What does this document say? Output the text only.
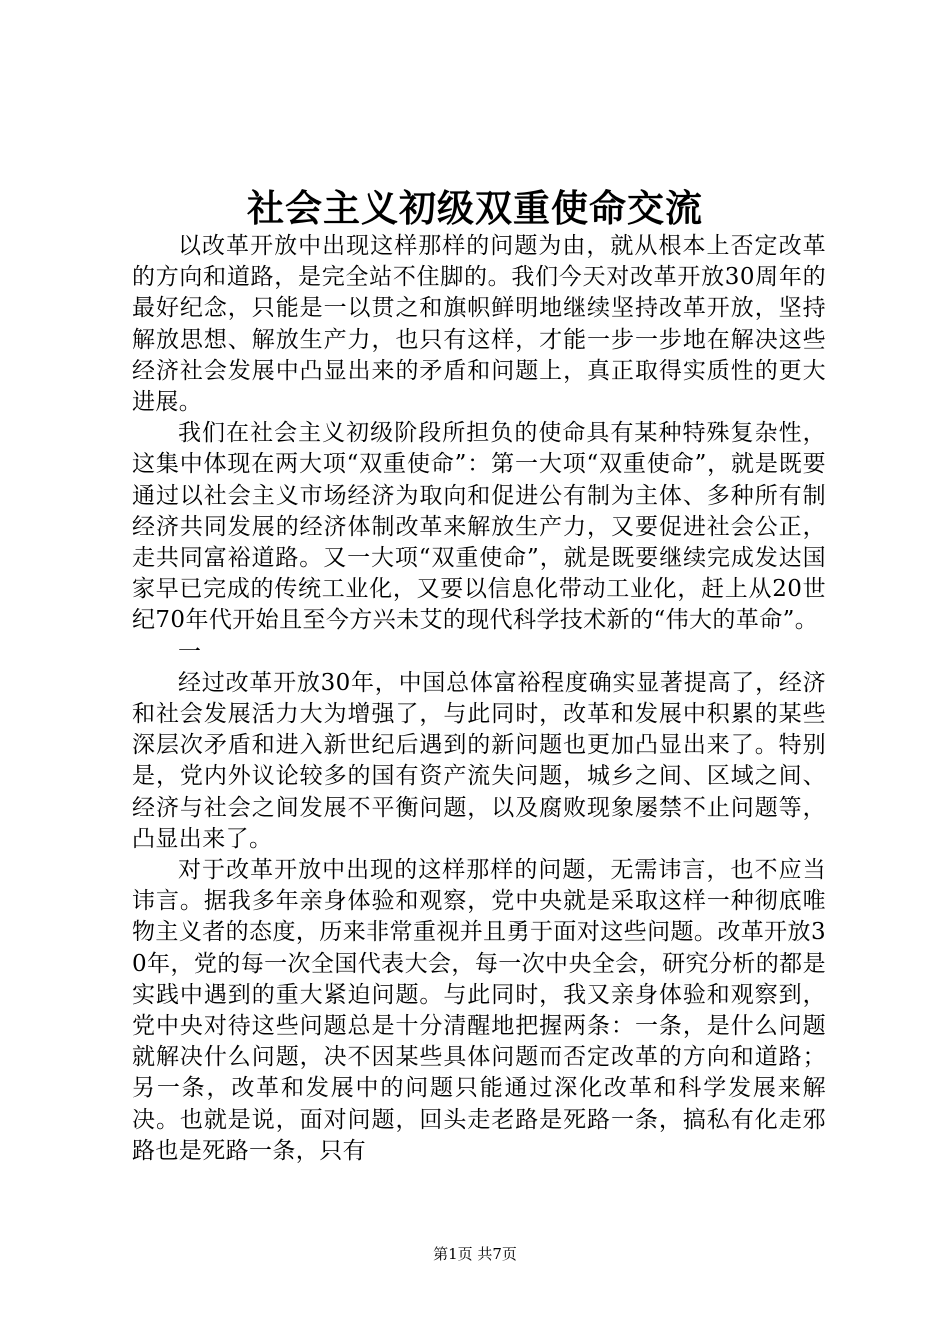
社会主义初级双重使命交流

以改革开放中出现这样那样的问题为由，就从根本上否定改革的方向和道路，是完全站不住脚的。我们今天对改革开放30周年的最好纪念，只能是一以贯之和旗帜鲜明地继续坚持改革开放，坚持解放思想、解放生产力，也只有这样，才能一步一步地在解决这些经济社会发展中凸显出来的矛盾和问题上，真正取得实质性的更大进展。

我们在社会主义初级阶段所担负的使命具有某种特殊复杂性，这集中体现在两大项“双重使命”：第一大项“双重使命”，就是既要通过以社会主义市场经济为取向和促进公有制为主体、多种所有制经济共同发展的经济体制改革来解放生产力，又要促进社会公正，走共同富裕道路。又一大项“双重使命”，就是既要继续完成发达国家早已完成的传统工业化，又要以信息化带动工业化，赶上从20世纪70年代开始且至今方兴未艾的现代科学技术新的“伟大的革命”。

一

经过改革开放30年，中国总体富裕程度确实显著提高了，经济和社会发展活力大为增强了，与此同时，改革和发展中积累的某些深层次矛盾和进入新世纪后遇到的新问题也更加凸显出来了。特别是，党内外议论较多的国有资产流失问题，城乡之间、区域之间、经济与社会之间发展不平衡问题，以及腐败现象屡禁不止问题等，凸显出来了。

对于改革开放中出现的这样那样的问题，无需讳言，也不应当讳言。据我多年亲身体验和观察，党中央就是采取这样一种彻底唯物主义者的态度，历来非常重视并且勇于面对这些问题。改革开放30年，党的每一次全国代表大会，每一次中央全会，研究分析的都是实践中遇到的重大紧迫问题。与此同时，我又亲身体验和观察到，党中央对待这些问题总是十分清醒地把握两条：一条，是什么问题就解决什么问题，决不因某些具体问题而否定改革的方向和道路；另一条，改革和发展中的问题只能通过深化改革和科学发展来解决。也就是说，面对问题，回头走老路是死路一条，搞私有化走邪路也是死路一条，只有

第1页 共7页
